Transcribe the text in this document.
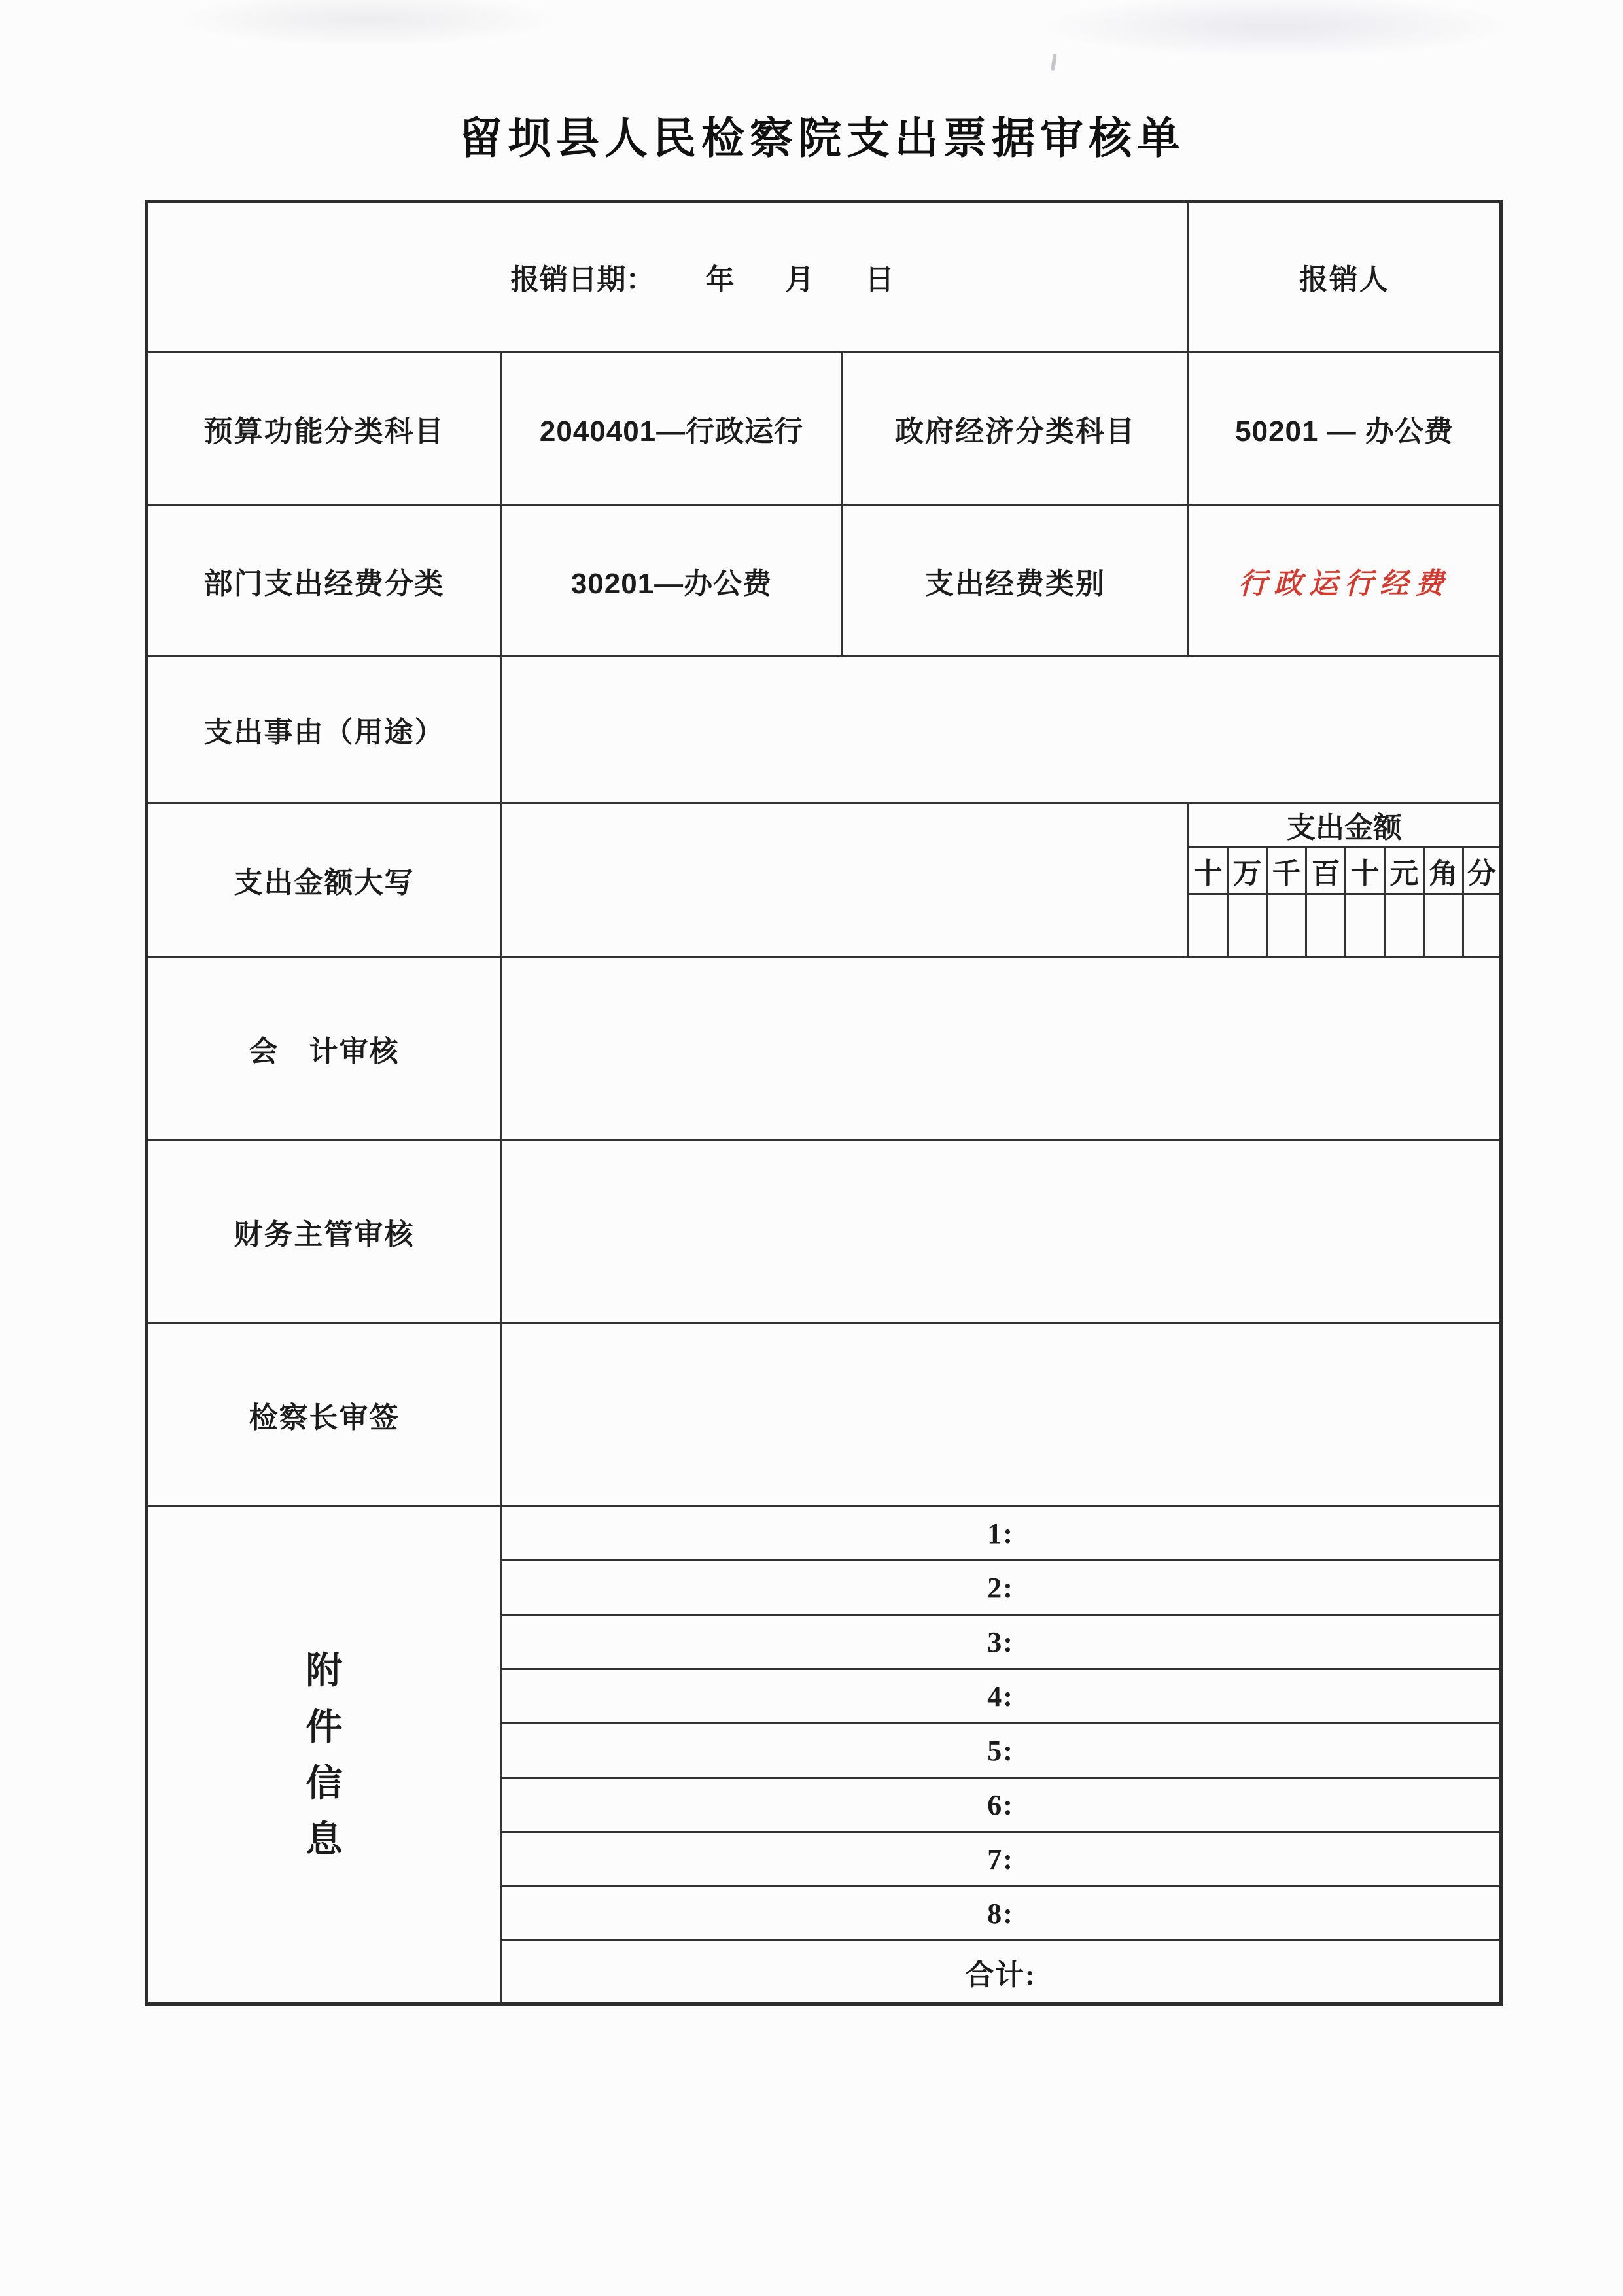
留坝县人民检察院支出票据审核单
报销日期： 年 月 日			报销人							
预算功能分类科目	2040401—行政运行	政府经济分类科目	50201 — 办公费							
部门支出经费分类	30201—办公费	支出经费类别	行政运行经费							
支出事由（用途）										
支出金额大写			支出金额							
			十	万	千	百	十	元	角	分

会　计审核										
财务主管审核										
检察长审签										

附
件
信
息	1:									
	2:									
	3:									
	4:									
	5:									
	6:									
	7:									
	8:									
	合计:									
